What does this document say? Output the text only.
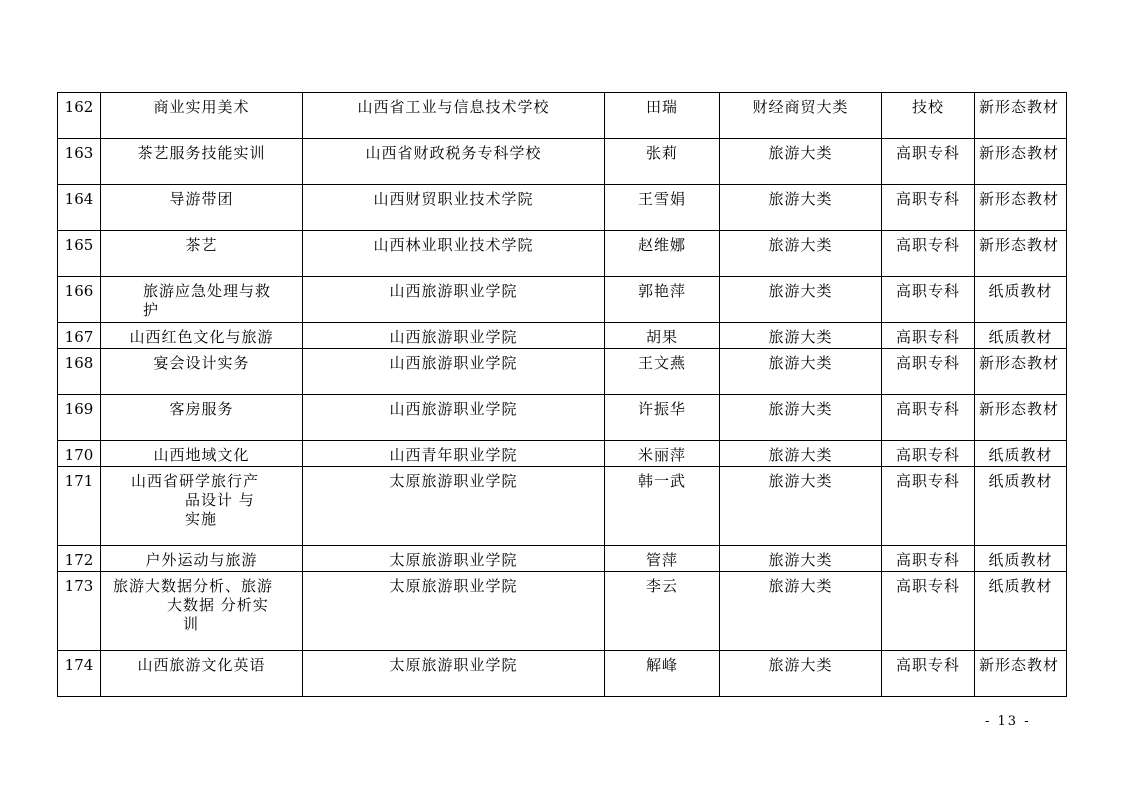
162	商业实用美术	山西省工业与信息技术学校	田瑞	财经商贸大类	技校	新形态教材
163	茶艺服务技能实训	山西省财政税务专科学校	张莉	旅游大类	高职专科	新形态教材
164	导游带团	山西财贸职业技术学院	王雪娟	旅游大类	高职专科	新形态教材
165	茶艺	山西林业职业技术学院	赵维娜	旅游大类	高职专科	新形态教材
166	旅游应急处理与救
护	山西旅游职业学院	郭艳萍	旅游大类	高职专科	纸质教材
167	山西红色文化与旅游	山西旅游职业学院	胡果	旅游大类	高职专科	纸质教材
168	宴会设计实务	山西旅游职业学院	王文燕	旅游大类	高职专科	新形态教材
169	客房服务	山西旅游职业学院	许振华	旅游大类	高职专科	新形态教材
170	山西地域文化	山西青年职业学院	米丽萍	旅游大类	高职专科	纸质教材
171	山西省研学旅行产
品设计 与
实施	太原旅游职业学院	韩一武	旅游大类	高职专科	纸质教材
172	户外运动与旅游	太原旅游职业学院	管萍	旅游大类	高职专科	纸质教材
173	旅游大数据分析、旅游
大数据 分析实
训	太原旅游职业学院	李云	旅游大类	高职专科	纸质教材
174	山西旅游文化英语	太原旅游职业学院	解峰	旅游大类	高职专科	新形态教材
- 13 -
